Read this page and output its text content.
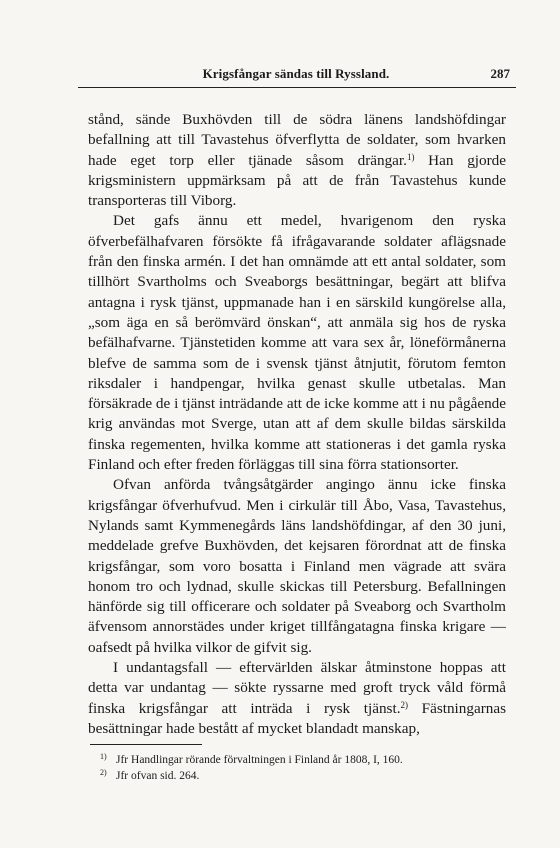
Krigsfångar sändas till Ryssland.	287

stånd, sände Buxhövden till de södra länens landshöfdingar befallning att till Tavastehus öfverflytta de soldater, som hvarken hade eget torp eller tjänade såsom drängar.$^{1)}$ Han gjorde krigsministern uppmärksam på att de från Tavastehus kunde transporteras till Viborg.

Det gafs ännu ett medel, hvarigenom den ryska öfverbefälhafvaren försökte få ifrågavarande soldater aflägsnade från den finska armén. I det han omnämde att ett antal soldater, som tillhört Svartholms och Sveaborgs besättningar, begärt att blifva antagna i rysk tjänst, uppmanade han i en särskild kungörelse alla, „som äga en så berömvärd önskan“, att anmäla sig hos de ryska befälhafvarne. Tjänstetiden komme att vara sex år, löneförmånerna blefve de samma som de i svensk tjänst åtnjutit, förutom femton riksdaler i handpengar, hvilka genast skulle utbetalas. Man försäkrade de i tjänst inträdande att de icke komme att i nu pågående krig användas mot Sverge, utan att af dem skulle bildas särskilda finska regementen, hvilka komme att stationeras i det gamla ryska Finland och efter freden förläggas till sina förra stationsorter.

Ofvan anförda tvångsåtgärder angingo ännu icke finska krigsfångar öfverhufvud. Men i cirkulär till Åbo, Vasa, Tavastehus, Nylands samt Kymmenegårds läns landshöfdingar, af den 30 juni, meddelade grefve Buxhövden, det kejsaren förordnat att de finska krigsfångar, som voro bosatta i Finland men vägrade att svära honom tro och lydnad, skulle skickas till Petersburg. Befallningen hänförde sig till officerare och soldater på Sveaborg och Svartholm äfvensom annorstädes under kriget tillfångatagna finska krigare — oafsedt på hvilka vilkor de gifvit sig.

I undantagsfall — eftervärlden älskar åtminstone hoppas att detta var undantag — sökte ryssarne med groft tryck våld förmå finska krigsfångar att inträda i rysk tjänst.$^{2)}$ Fästningarnas besättningar hade bestått af mycket blandadt manskap,

1) Jfr Handlingar rörande förvaltningen i Finland år 1808, I, 160.

2) Jfr ofvan sid. 264.
